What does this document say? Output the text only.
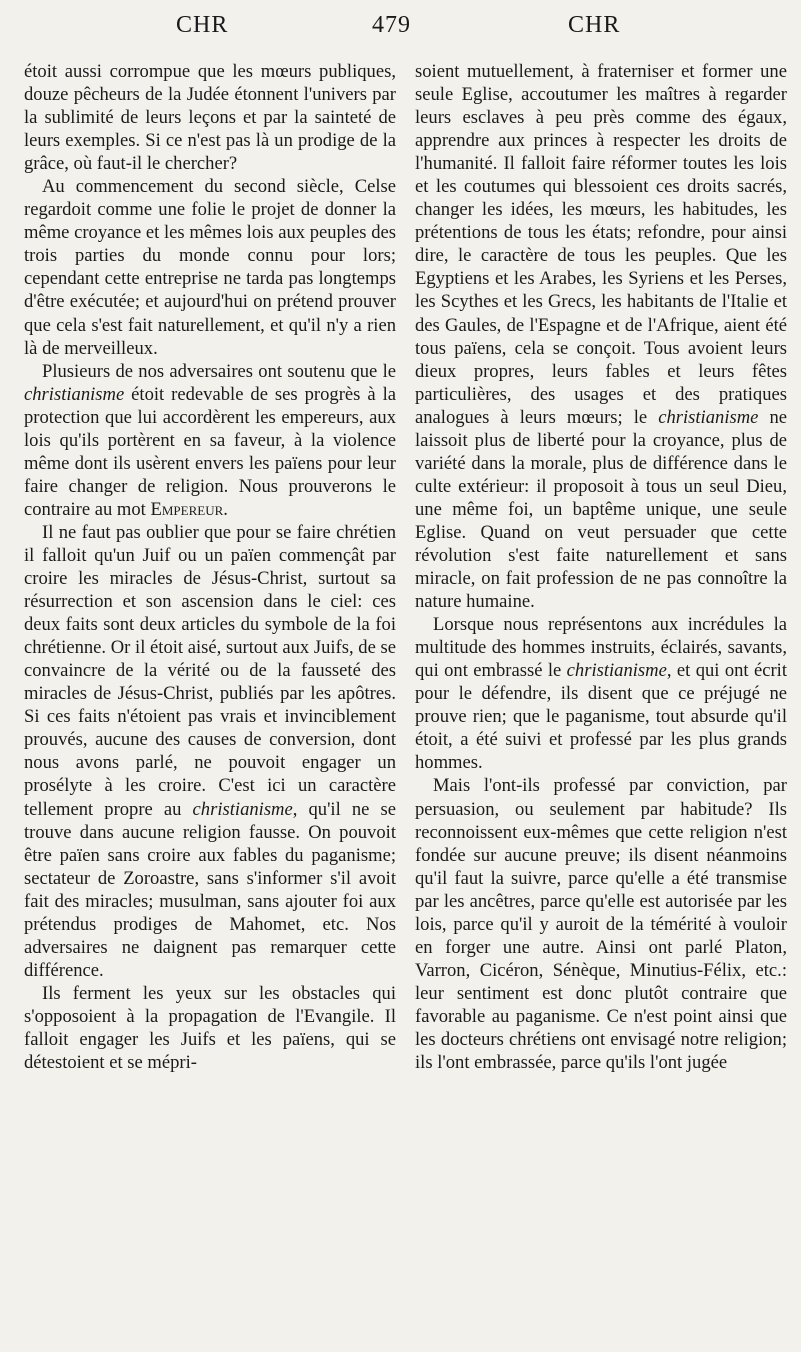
CHR	479	CHR

étoit aussi corrompue que les mœurs publiques, douze pêcheurs de la Judée étonnent l'univers par la sublimité de leurs leçons et par la sainteté de leurs exemples. Si ce n'est pas là un prodige de la grâce, où faut-il le chercher?

Au commencement du second siècle, Celse regardoit comme une folie le projet de donner la même croyance et les mêmes lois aux peuples des trois parties du monde connu pour lors; cependant cette entreprise ne tarda pas longtemps d'être exécutée; et aujourd'hui on prétend prouver que cela s'est fait naturellement, et qu'il n'y a rien là de merveilleux.

Plusieurs de nos adversaires ont soutenu que le christianisme étoit redevable de ses progrès à la protection que lui accordèrent les empereurs, aux lois qu'ils portèrent en sa faveur, à la violence même dont ils usèrent envers les païens pour leur faire changer de religion. Nous prouverons le contraire au mot Empereur.

Il ne faut pas oublier que pour se faire chrétien il falloit qu'un Juif ou un païen commençât par croire les miracles de Jésus-Christ, surtout sa résurrection et son ascension dans le ciel: ces deux faits sont deux articles du symbole de la foi chrétienne. Or il étoit aisé, surtout aux Juifs, de se convaincre de la vérité ou de la fausseté des miracles de Jésus-Christ, publiés par les apôtres. Si ces faits n'étoient pas vrais et invinciblement prouvés, aucune des causes de conversion, dont nous avons parlé, ne pouvoit engager un prosélyte à les croire. C'est ici un caractère tellement propre au christianisme, qu'il ne se trouve dans aucune religion fausse. On pouvoit être païen sans croire aux fables du paganisme; sectateur de Zoroastre, sans s'informer s'il avoit fait des miracles; musulman, sans ajouter foi aux prétendus prodiges de Mahomet, etc. Nos adversaires ne daignent pas remarquer cette différence.

Ils ferment les yeux sur les obstacles qui s'opposoient à la propagation de l'Evangile. Il falloit engager les Juifs et les païens, qui se détestoient et se mépri-

soient mutuellement, à fraterniser et former une seule Eglise, accoutumer les maîtres à regarder leurs esclaves à peu près comme des égaux, apprendre aux princes à respecter les droits de l'humanité. Il falloit faire réformer toutes les lois et les coutumes qui blessoient ces droits sacrés, changer les idées, les mœurs, les habitudes, les prétentions de tous les états; refondre, pour ainsi dire, le caractère de tous les peuples. Que les Egyptiens et les Arabes, les Syriens et les Perses, les Scythes et les Grecs, les habitants de l'Italie et des Gaules, de l'Espagne et de l'Afrique, aient été tous païens, cela se conçoit. Tous avoient leurs dieux propres, leurs fables et leurs fêtes particulières, des usages et des pratiques analogues à leurs mœurs; le christianisme ne laissoit plus de liberté pour la croyance, plus de variété dans la morale, plus de différence dans le culte extérieur: il proposoit à tous un seul Dieu, une même foi, un baptême unique, une seule Eglise. Quand on veut persuader que cette révolution s'est faite naturellement et sans miracle, on fait profession de ne pas connoître la nature humaine.

Lorsque nous représentons aux incrédules la multitude des hommes instruits, éclairés, savants, qui ont embrassé le christianisme, et qui ont écrit pour le défendre, ils disent que ce préjugé ne prouve rien; que le paganisme, tout absurde qu'il étoit, a été suivi et professé par les plus grands hommes.

Mais l'ont-ils professé par conviction, par persuasion, ou seulement par habitude? Ils reconnoissent eux-mêmes que cette religion n'est fondée sur aucune preuve; ils disent néanmoins qu'il faut la suivre, parce qu'elle a été transmise par les ancêtres, parce qu'elle est autorisée par les lois, parce qu'il y auroit de la témérité à vouloir en forger une autre. Ainsi ont parlé Platon, Varron, Cicéron, Sénèque, Minutius-Félix, etc.: leur sentiment est donc plutôt contraire que favorable au paganisme. Ce n'est point ainsi que les docteurs chrétiens ont envisagé notre religion; ils l'ont embrassée, parce qu'ils l'ont jugée
